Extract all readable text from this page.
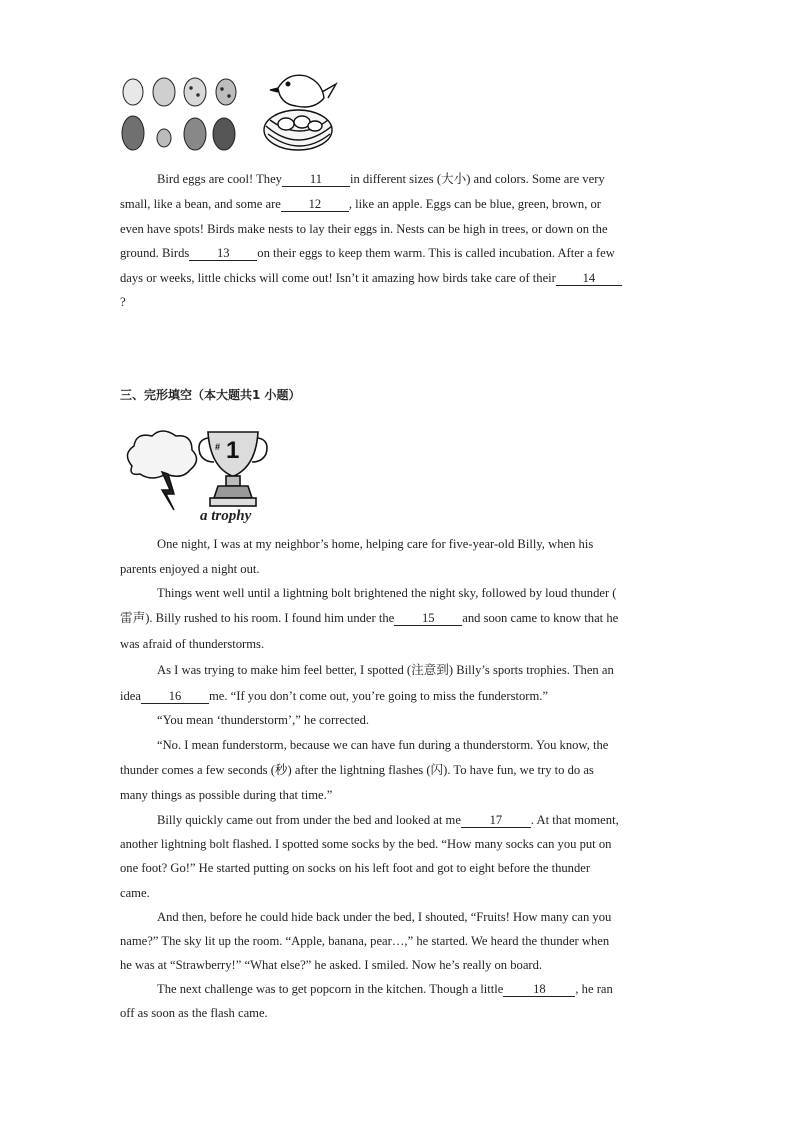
Bird eggs are cool! They 11 in different sizes (大小) and colors. Some are very
small, like a bean, and some are 12 , like an apple. Eggs can be blue, green, brown, or
even have spots! Birds make nests to lay their eggs in. Nests can be high in trees, or down on the
ground. Birds 13 on their eggs to keep them warm. This is called incubation. After a few
days or weeks, little chicks will come out! Isn’t it amazing how birds take care of their 14
?
三、完形填空（本大题共1 小题）
1
#
a trophy
One night, I was at my neighbor’s home, helping care for five-year-old Billy, when his
parents enjoyed a night out.
Things went well until a lightning bolt brightened the night sky, followed by loud thunder (
雷声). Billy rushed to his room. I found him under the 15 and soon came to know that he
was afraid of thunderstorms.
As I was trying to make him feel better, I spotted (注意到) Billy’s sports trophies. Then an
idea 16 me. “If you don’t come out, you’re going to miss the funderstorm.”
“You mean ‘thunderstorm’,” he corrected.
“No. I mean funderstorm, because we can have fun during a thunderstorm. You know, the
thunder comes a few seconds (秒) after the lightning flashes (闪). To have fun, we try to do as
many things as possible during that time.”
Billy quickly came out from under the bed and looked at me 17 . At that moment,
another lightning bolt flashed. I spotted some socks by the bed. “How many socks can you put on
one foot? Go!” He started putting on socks on his left foot and got to eight before the thunder
came.
And then, before he could hide back under the bed, I shouted, “Fruits! How many can you
name?” The sky lit up the room. “Apple, banana, pear…,” he started. We heard the thunder when
he was at “Strawberry!” “What else?” he asked. I smiled. Now he’s really on board.
The next challenge was to get popcorn in the kitchen. Though a little 18 , he ran
off as soon as the flash came.
